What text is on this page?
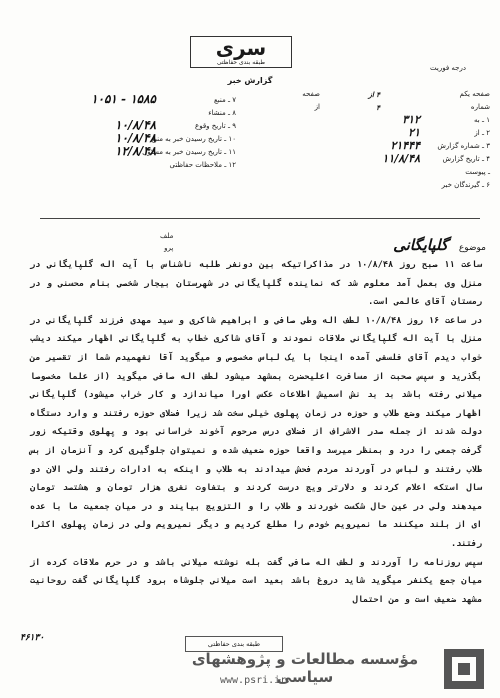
سری
طبقه بندی حفاظتی
گزارش خبر
درجه فوریت
صفحه یکم
۴ از
صفحه
شماره
۴
از
۱ ـ به
۳۱۲
۲ ـ از
۲۱
۳ ـ شماره گزارش
۲۱۴۴۴
۴ ـ تاریخ گزارش
۱۱/۸/۴۸
ـ پیوست
۶ ـ گیرندگان خبر
۷ ـ منبع
۱۵۸۵ - ۱۰۵۱
۸ ـ منشاء
۹ ـ تاریخ وقوع
۱۰/۸/۴۸
۱۰ ـ تاریخ رسیدن خبر به منبع
۱۰/۸/۴۸
۱۱ ـ تاریخ رسیدن خبر به مسئول
۱۲/۸/۴۸
۱۲ ـ ملاحظات حفاظتی
موضوع گلپایگانی
ملف
پرو

ساعت ۱۱ صبح روز ۱۰/۸/۴۸ در مذاکراتیکه بین دونفر طلبه ناشناس با آیت اله گلپایگانی در منزل وی بعمل آمد معلوم شد که نماینده گلپایگانی در شهرستان بیجار شخصی بنام محسنی و در رمستان آقای عالمی است.

در ساعت ۱۶ روز ۱۰/۸/۴۸ لطف اله وطی صافی و ابراهیم شاکری و سید مهدی فرزند گلپایگانی در منزل با آیت اله گلپایگانی ملاقات نمودند و آقای شاکری خطاب به گلپایگانی اظهار میکند دیشب خواب دیدم آقای فلسفی آمده اینجا با یک لباس مخصوص و میگوید آقا نفهمیدم شما از تقصیر من بگذرید و سپس صحبت از مسافرت اعلیحضرت بمشهد میشود لطف اله صافی میگوید (از علما مخصوصا میلانی رفته باشد بد بد نش اسمیش اطلاعات عکس اورا میاندازد و کار خراب میشود) گلپایگانی اظهار میکند وضع طلاب و حوزه در زمان پهلوی خیلی سخت شد زیرا فضلای حوزه رفتند و وارد دستگاه دولت شدند از جمله صدر الاشراف از فضلای درس مرحوم آخوند خراسانی بود و پهلوی وقتیکه زور گرفت جمعی را درد و بمنظر میرسد واقعا حوزه ضعیف شده و نمیتوان جلوگیری کرد و آنزمان از بس طلاب رفتند و لباس در آوردند مردم فحش میدادند به طلاب و اینکه به ادارات رفتند ولی الان دو سال استکه اعلام کردند و دلارتر ویج درست کردند و بتفاوت نفری هزار تومان و هشتصد تومان میدهند ولی در عین حال شکست خوردند و طلاب را و التزویج بیایند و در میان جمعیت ما با عده ای از بلند میکنند ما نمیرویم خودم را مطلع کردیم و دیگر نمیرویم ولی در زمان پهلوی اکثرا رفتند.

سپس روزنامه را آوردند و لطف اله صافی گفت بله نوشته میلانی باشد و در حرم ملاقات کرده از میان جمع یکنفر میگوید شاید دروغ باشد بعید است میلانی جلوشاه برود گلپایگانی گفت روحانیت مشهد ضعیف است و من احتمال

۴۶۱۳۰
طبقه بندی حفاظتی
مؤسسه مطالعات و پژوهشهای سیاسی
www.psri.ir
